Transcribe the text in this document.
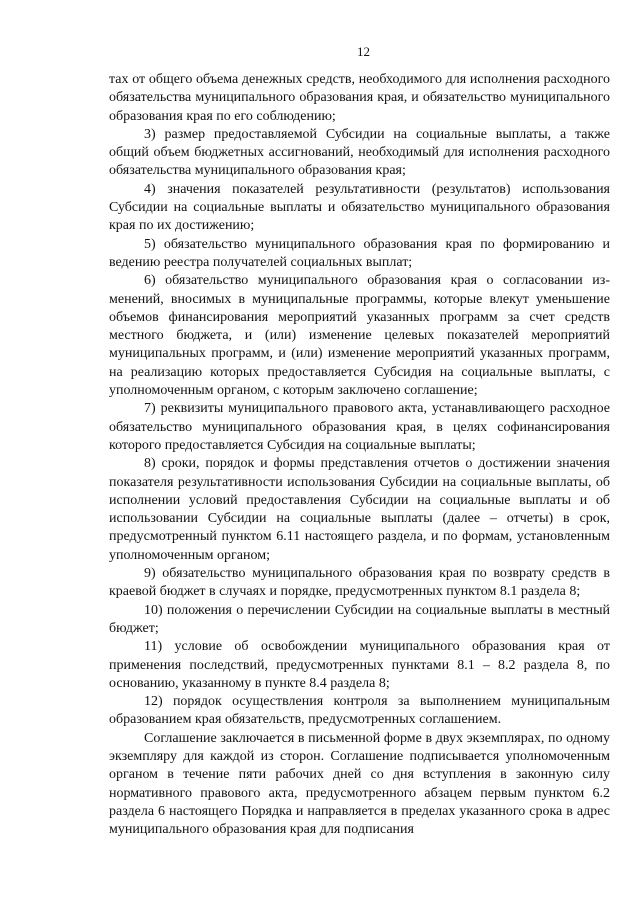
12

тах от общего объема денежных средств, необходимого для исполнения расходного обязательства муниципального образования края, и обязательство муниципального образования края по его соблюдению;

3) размер предоставляемой Субсидии на социальные выплаты, а также общий объем бюджетных ассигнований, необходимый для исполнения расходного обязательства муниципального образования края;

4) значения показателей результативности (результатов) использования Субсидии на социальные выплаты и обязательство муниципального образования края по их достижению;

5) обязательство муниципального образования края по формированию и ведению реестра получателей социальных выплат;

6) обязательство муниципального образования края о согласовании изменений, вносимых в муниципальные программы, которые влекут уменьшение объемов финансирования мероприятий указанных программ за счет средств местного бюджета, и (или) изменение целевых показателей мероприятий муниципальных программ, и (или) изменение мероприятий указанных программ, на реализацию которых предоставляется Субсидия на социальные выплаты, с уполномоченным органом, с которым заключено соглашение;

7) реквизиты муниципального правового акта, устанавливающего расходное обязательство муниципального образования края, в целях софинансирования которого предоставляется Субсидия на социальные выплаты;

8) сроки, порядок и формы представления отчетов о достижении значения показателя результативности использования Субсидии на социальные выплаты, об исполнении условий предоставления Субсидии на социальные выплаты и об использовании Субсидии на социальные выплаты (далее – отчеты) в срок, предусмотренный пунктом 6.11 настоящего раздела, и по формам, установленным уполномоченным органом;

9) обязательство муниципального образования края по возврату средств в краевой бюджет в случаях и порядке, предусмотренных пунктом 8.1 раздела 8;

10) положения о перечислении Субсидии на социальные выплаты в местный бюджет;

11) условие об освобождении муниципального образования края от применения последствий, предусмотренных пунктами 8.1 – 8.2 раздела 8, по основанию, указанному в пункте 8.4 раздела 8;

12) порядок осуществления контроля за выполнением муниципальным образованием края обязательств, предусмотренных соглашением.

Соглашение заключается в письменной форме в двух экземплярах, по одному экземпляру для каждой из сторон. Соглашение подписывается уполномоченным органом в течение пяти рабочих дней со дня вступления в законную силу нормативного правового акта, предусмотренного абзацем первым пунктом 6.2 раздела 6 настоящего Порядка и направляется в пределах указанного срока в адрес муниципального образования края для подписания
